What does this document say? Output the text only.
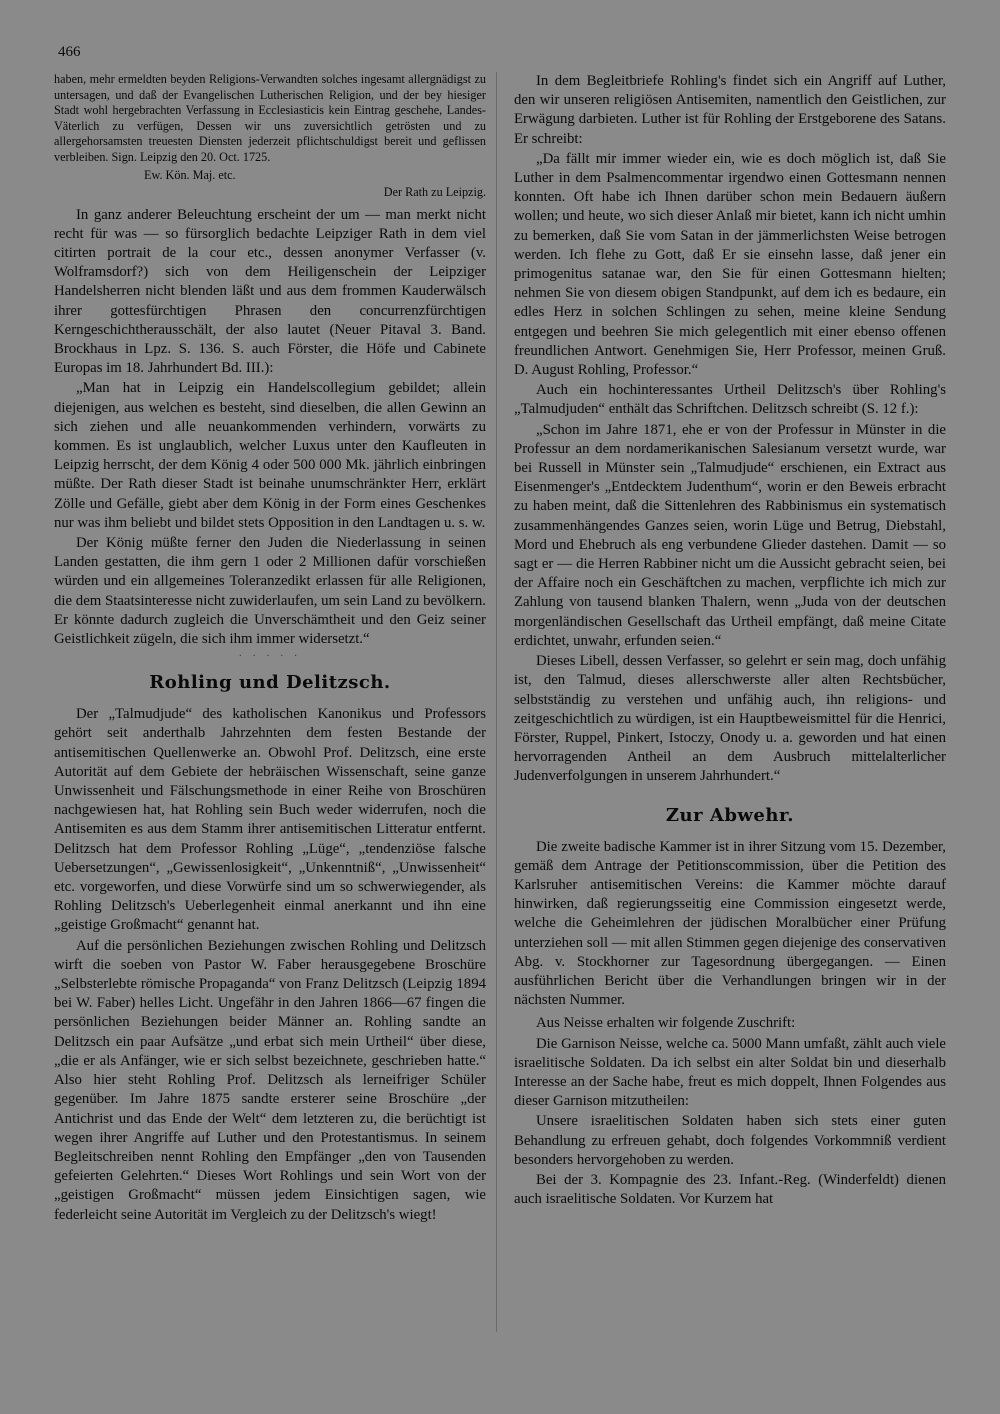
466

haben, mehr ermeldten beyden Religions-Verwandten solches ingesamt allergnädigst zu untersagen, und daß der Evangelischen Lutherischen Religion, und der bey hiesiger Stadt wohl hergebrachten Verfassung in Ecclesiasticis kein Eintrag geschehe, Landes-Väterlich zu verfügen, Dessen wir uns zuversichtlich getrösten und zu allergehorsamsten treuesten Diensten jederzeit pflichtschuldigst bereit und geflissen verbleiben. Sign. Leipzig den 20. Oct. 1725.

Ew. Kön. Maj. etc.

Der Rath zu Leipzig.

In ganz anderer Beleuchtung erscheint der um — man merkt nicht recht für was — so fürsorglich bedachte Leipziger Rath in dem viel citirten portrait de la cour etc., dessen anonymer Verfasser (v. Wolframsdorf?) sich von dem Heiligenschein der Leipziger Handelsherren nicht blenden läßt und aus dem frommen Kauderwälsch ihrer gottesfürchtigen Phrasen den concurrenzfürchtigen Kerngeschichtherausschält, der also lautet (Neuer Pitaval 3. Band. Brockhaus in Lpz. S. 136. S. auch Förster, die Höfe und Cabinete Europas im 18. Jahrhundert Bd. III.):

„Man hat in Leipzig ein Handelscollegium gebildet; allein diejenigen, aus welchen es besteht, sind dieselben, die allen Gewinn an sich ziehen und alle neuankommenden verhindern, vorwärts zu kommen. Es ist unglaublich, welcher Luxus unter den Kaufleuten in Leipzig herrscht, der dem König 4 oder 500 000 Mk. jährlich einbringen müßte. Der Rath dieser Stadt ist beinahe unumschränkter Herr, erklärt Zölle und Gefälle, giebt aber dem König in der Form eines Geschenkes nur was ihm beliebt und bildet stets Opposition in den Landtagen u. s. w.

Der König müßte ferner den Juden die Niederlassung in seinen Landen gestatten, die ihm gern 1 oder 2 Millionen dafür vorschießen würden und ein allgemeines Toleranzedikt erlassen für alle Religionen, die dem Staatsinteresse nicht zuwiderlaufen, um sein Land zu bevölkern. Er könnte dadurch zugleich die Unverschämtheit und den Geiz seiner Geistlichkeit zügeln, die sich ihm immer widersetzt.“

· · · · ·
Rohling und Delitzsch.

Der „Talmudjude“ des katholischen Kanonikus und Professors gehört seit anderthalb Jahrzehnten dem festen Bestande der antisemitischen Quellenwerke an. Obwohl Prof. Delitzsch, eine erste Autorität auf dem Gebiete der hebräischen Wissenschaft, seine ganze Unwissenheit und Fälschungsmethode in einer Reihe von Broschüren nachgewiesen hat, hat Rohling sein Buch weder widerrufen, noch die Antisemiten es aus dem Stamm ihrer antisemitischen Litteratur entfernt. Delitzsch hat dem Professor Rohling „Lüge“, „tendenziöse falsche Uebersetzungen“, „Gewissenlosigkeit“, „Unkenntniß“, „Unwissenheit“ etc. vorgeworfen, und diese Vorwürfe sind um so schwerwiegender, als Rohling Delitzsch's Ueberlegenheit einmal anerkannt und ihn eine „geistige Großmacht“ genannt hat.

Auf die persönlichen Beziehungen zwischen Rohling und Delitzsch wirft die soeben von Pastor W. Faber herausgegebene Broschüre „Selbsterlebte römische Propaganda“ von Franz Delitzsch (Leipzig 1894 bei W. Faber) helles Licht. Ungefähr in den Jahren 1866—67 fingen die persönlichen Beziehungen beider Männer an. Rohling sandte an Delitzsch ein paar Aufsätze „und erbat sich mein Urtheil“ über diese, „die er als Anfänger, wie er sich selbst bezeichnete, geschrieben hatte.“ Also hier steht Rohling Prof. Delitzsch als lerneifriger Schüler gegenüber. Im Jahre 1875 sandte ersterer seine Broschüre „der Antichrist und das Ende der Welt“ dem letzteren zu, die berüchtigt ist wegen ihrer Angriffe auf Luther und den Protestantismus. In seinem Begleitschreiben nennt Rohling den Empfänger „den von Tausenden gefeierten Gelehrten.“ Dieses Wort Rohlings und sein Wort von der „geistigen Großmacht“ müssen jedem Einsichtigen sagen, wie federleicht seine Autorität im Vergleich zu der Delitzsch's wiegt!

In dem Begleitbriefe Rohling's findet sich ein Angriff auf Luther, den wir unseren religiösen Antisemiten, namentlich den Geistlichen, zur Erwägung darbieten. Luther ist für Rohling der Erstgeborene des Satans. Er schreibt:

„Da fällt mir immer wieder ein, wie es doch möglich ist, daß Sie Luther in dem Psalmencommentar irgendwo einen Gottesmann nennen konnten. Oft habe ich Ihnen darüber schon mein Bedauern äußern wollen; und heute, wo sich dieser Anlaß mir bietet, kann ich nicht umhin zu bemerken, daß Sie vom Satan in der jämmerlichsten Weise betrogen werden. Ich flehe zu Gott, daß Er sie einsehn lasse, daß jener ein primogenitus satanae war, den Sie für einen Gottesmann hielten; nehmen Sie von diesem obigen Standpunkt, auf dem ich es bedaure, ein edles Herz in solchen Schlingen zu sehen, meine kleine Sendung entgegen und beehren Sie mich gelegentlich mit einer ebenso offenen freundlichen Antwort. Genehmigen Sie, Herr Professor, meinen Gruß. D. August Rohling, Professor.“

Auch ein hochinteressantes Urtheil Delitzsch's über Rohling's „Talmudjuden“ enthält das Schriftchen. Delitzsch schreibt (S. 12 f.):

„Schon im Jahre 1871, ehe er von der Professur in Münster in die Professur an dem nordamerikanischen Salesianum versetzt wurde, war bei Russell in Münster sein „Talmudjude“ erschienen, ein Extract aus Eisenmenger's „Entdecktem Judenthum“, worin er den Beweis erbracht zu haben meint, daß die Sittenlehren des Rabbinismus ein systematisch zusammenhängendes Ganzes seien, worin Lüge und Betrug, Diebstahl, Mord und Ehebruch als eng verbundene Glieder dastehen. Damit — so sagt er — die Herren Rabbiner nicht um die Aussicht gebracht seien, bei der Affaire noch ein Geschäftchen zu machen, verpflichte ich mich zur Zahlung von tausend blanken Thalern, wenn „Juda von der deutschen morgenländischen Gesellschaft das Urtheil empfängt, daß meine Citate erdichtet, unwahr, erfunden seien.“

Dieses Libell, dessen Verfasser, so gelehrt er sein mag, doch unfähig ist, den Talmud, dieses allerschwerste aller alten Rechtsbücher, selbstständig zu verstehen und unfähig auch, ihn religions- und zeitgeschichtlich zu würdigen, ist ein Hauptbeweismittel für die Henrici, Förster, Ruppel, Pinkert, Istoczy, Onody u. a. geworden und hat einen hervorragenden Antheil an dem Ausbruch mittelalterlicher Judenverfolgungen in unserem Jahrhundert.“

Zur Abwehr.

Die zweite badische Kammer ist in ihrer Sitzung vom 15. Dezember, gemäß dem Antrage der Petitionscommission, über die Petition des Karlsruher antisemitischen Vereins: die Kammer möchte darauf hinwirken, daß regierungsseitig eine Commission eingesetzt werde, welche die Geheimlehren der jüdischen Moralbücher einer Prüfung unterziehen soll — mit allen Stimmen gegen diejenige des conservativen Abg. v. Stockhorner zur Tagesordnung übergegangen. — Einen ausführlichen Bericht über die Verhandlungen bringen wir in der nächsten Nummer.

Aus Neisse erhalten wir folgende Zuschrift:

Die Garnison Neisse, welche ca. 5000 Mann umfaßt, zählt auch viele israelitische Soldaten. Da ich selbst ein alter Soldat bin und dieserhalb Interesse an der Sache habe, freut es mich doppelt, Ihnen Folgendes aus dieser Garnison mitzutheilen:

Unsere israelitischen Soldaten haben sich stets einer guten Behandlung zu erfreuen gehabt, doch folgendes Vorkommniß verdient besonders hervorgehoben zu werden.

Bei der 3. Kompagnie des 23. Infant.-Reg. (Winderfeldt) dienen auch israelitische Soldaten. Vor Kurzem hat
